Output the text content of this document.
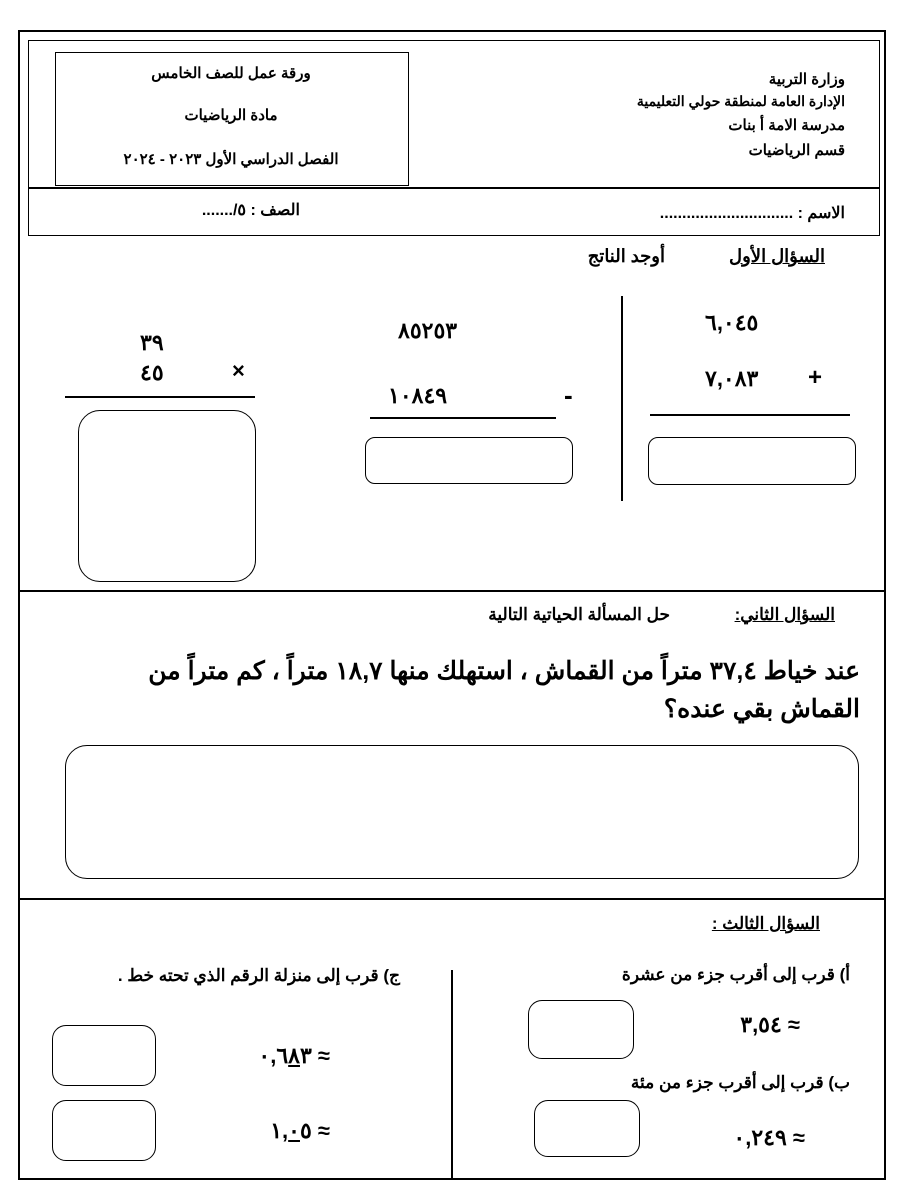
وزارة التربية
الإدارة العامة لمنطقة حولي التعليمية
مدرسة الامة أ بنات
قسم الرياضيات
ورقة عمل للصف الخامس
مادة الرياضيات
الفصل الدراسي الأول ٢٠٢٣ - ٢٠٢٤
الاسم : ..............................
الصف : ٥/.......
السؤال الأول
أوجد الناتج
٦,٠٤٥
٧,٠٨٣ +
٨٥٢٥٣
١٠٨٤٩	-
٣٩
٤٥	×
السؤال الثاني:
حل المسألة الحياتية التالية
عند خياط ٣٧,٤ متراً من القماش ، استهلك منها ١٨,٧ متراً ، كم متراً من القماش بقي عنده؟
السؤال الثالث :
أ) قرب إلى أقرب جزء من عشرة
≈ ٣,٥٤
ب) قرب إلى أقرب جزء من مئة
≈ ٠,٢٤٩
ج) قرب إلى منزلة الرقم الذي تحته خط .
≈ ٠,٦٨٣
≈ ١,٠٥
